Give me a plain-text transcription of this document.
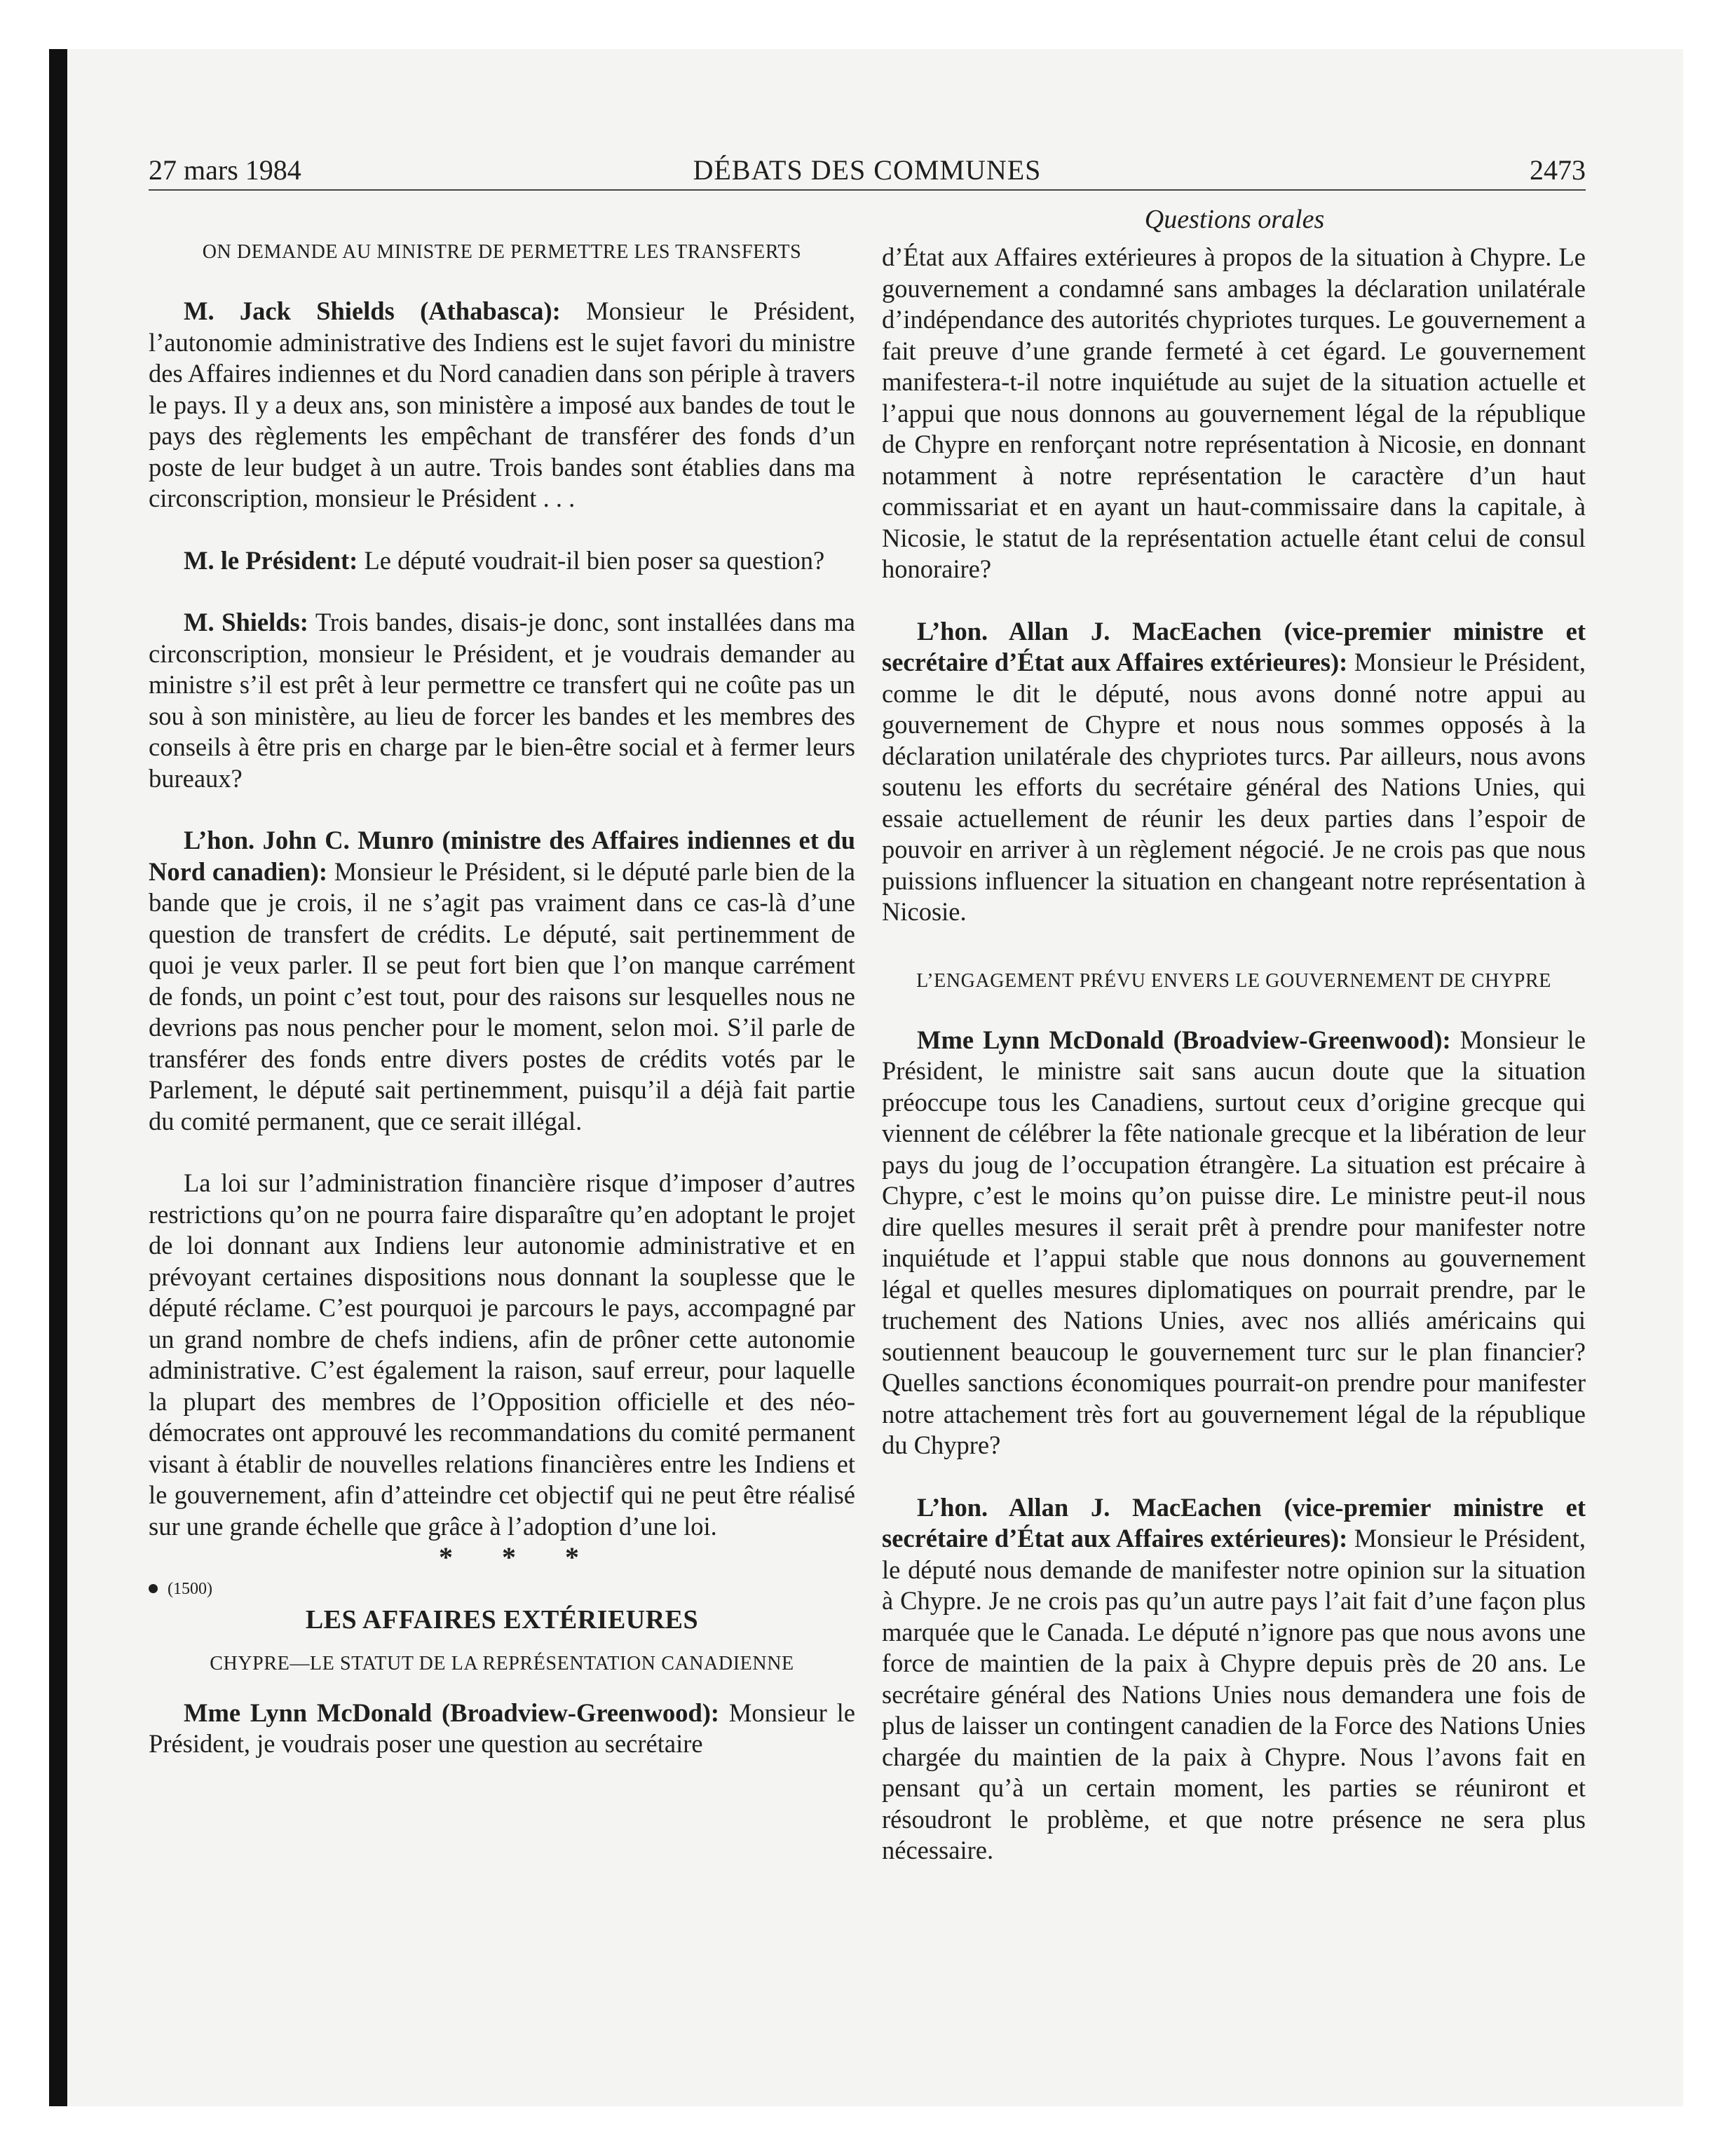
27 mars 1984	DÉBATS DES COMMUNES	2473
Questions orales

ON DEMANDE AU MINISTRE DE PERMETTRE LES TRANSFERTS

M. Jack Shields (Athabasca): Monsieur le Président, l’autonomie administrative des Indiens est le sujet favori du ministre des Affaires indiennes et du Nord canadien dans son périple à travers le pays. Il y a deux ans, son ministère a imposé aux bandes de tout le pays des règlements les empêchant de transférer des fonds d’un poste de leur budget à un autre. Trois bandes sont établies dans ma circonscription, monsieur le Président . . .

M. le Président: Le député voudrait-il bien poser sa question?

M. Shields: Trois bandes, disais-je donc, sont installées dans ma circonscription, monsieur le Président, et je voudrais demander au ministre s’il est prêt à leur permettre ce transfert qui ne coûte pas un sou à son ministère, au lieu de forcer les bandes et les membres des conseils à être pris en charge par le bien-être social et à fermer leurs bureaux?

L’hon. John C. Munro (ministre des Affaires indiennes et du Nord canadien): Monsieur le Président, si le député parle bien de la bande que je crois, il ne s’agit pas vraiment dans ce cas-là d’une question de transfert de crédits. Le député, sait pertinemment de quoi je veux parler. Il se peut fort bien que l’on manque carrément de fonds, un point c’est tout, pour des raisons sur lesquelles nous ne devrions pas nous pencher pour le moment, selon moi. S’il parle de transférer des fonds entre divers postes de crédits votés par le Parlement, le député sait pertinemment, puisqu’il a déjà fait partie du comité permanent, que ce serait illégal.

La loi sur l’administration financière risque d’imposer d’autres restrictions qu’on ne pourra faire disparaître qu’en adoptant le projet de loi donnant aux Indiens leur autonomie administrative et en prévoyant certaines dispositions nous donnant la souplesse que le député réclame. C’est pourquoi je parcours le pays, accompagné par un grand nombre de chefs indiens, afin de prôner cette autonomie administrative. C’est également la raison, sauf erreur, pour laquelle la plupart des membres de l’Opposition officielle et des néo-démocrates ont approuvé les recommandations du comité permanent visant à établir de nouvelles relations financières entre les Indiens et le gouvernement, afin d’atteindre cet objectif qui ne peut être réalisé sur une grande échelle que grâce à l’adoption d’une loi.

* * *

(1500)

LES AFFAIRES EXTÉRIEURES

CHYPRE—LE STATUT DE LA REPRÉSENTATION CANADIENNE

Mme Lynn McDonald (Broadview-Greenwood): Monsieur le Président, je voudrais poser une question au secrétaire

d’État aux Affaires extérieures à propos de la situation à Chypre. Le gouvernement a condamné sans ambages la déclaration unilatérale d’indépendance des autorités chypriotes turques. Le gouvernement a fait preuve d’une grande fermeté à cet égard. Le gouvernement manifestera-t-il notre inquiétude au sujet de la situation actuelle et l’appui que nous donnons au gouvernement légal de la république de Chypre en renforçant notre représentation à Nicosie, en donnant notamment à notre représentation le caractère d’un haut commissariat et en ayant un haut-commissaire dans la capitale, à Nicosie, le statut de la représentation actuelle étant celui de consul honoraire?

L’hon. Allan J. MacEachen (vice-premier ministre et secrétaire d’État aux Affaires extérieures): Monsieur le Président, comme le dit le député, nous avons donné notre appui au gouvernement de Chypre et nous nous sommes opposés à la déclaration unilatérale des chypriotes turcs. Par ailleurs, nous avons soutenu les efforts du secrétaire général des Nations Unies, qui essaie actuellement de réunir les deux parties dans l’espoir de pouvoir en arriver à un règlement négocié. Je ne crois pas que nous puissions influencer la situation en changeant notre représentation à Nicosie.

L’ENGAGEMENT PRÉVU ENVERS LE GOUVERNEMENT DE CHYPRE

Mme Lynn McDonald (Broadview-Greenwood): Monsieur le Président, le ministre sait sans aucun doute que la situation préoccupe tous les Canadiens, surtout ceux d’origine grecque qui viennent de célébrer la fête nationale grecque et la libération de leur pays du joug de l’occupation étrangère. La situation est précaire à Chypre, c’est le moins qu’on puisse dire. Le ministre peut-il nous dire quelles mesures il serait prêt à prendre pour manifester notre inquiétude et l’appui stable que nous donnons au gouvernement légal et quelles mesures diplomatiques on pourrait prendre, par le truchement des Nations Unies, avec nos alliés américains qui soutiennent beaucoup le gouvernement turc sur le plan financier? Quelles sanctions économiques pourrait-on prendre pour manifester notre attachement très fort au gouvernement légal de la république du Chypre?

L’hon. Allan J. MacEachen (vice-premier ministre et secrétaire d’État aux Affaires extérieures): Monsieur le Président, le député nous demande de manifester notre opinion sur la situation à Chypre. Je ne crois pas qu’un autre pays l’ait fait d’une façon plus marquée que le Canada. Le député n’ignore pas que nous avons une force de maintien de la paix à Chypre depuis près de 20 ans. Le secrétaire général des Nations Unies nous demandera une fois de plus de laisser un contingent canadien de la Force des Nations Unies chargée du maintien de la paix à Chypre. Nous l’avons fait en pensant qu’à un certain moment, les parties se réuniront et résoudront le problème, et que notre présence ne sera plus nécessaire.
